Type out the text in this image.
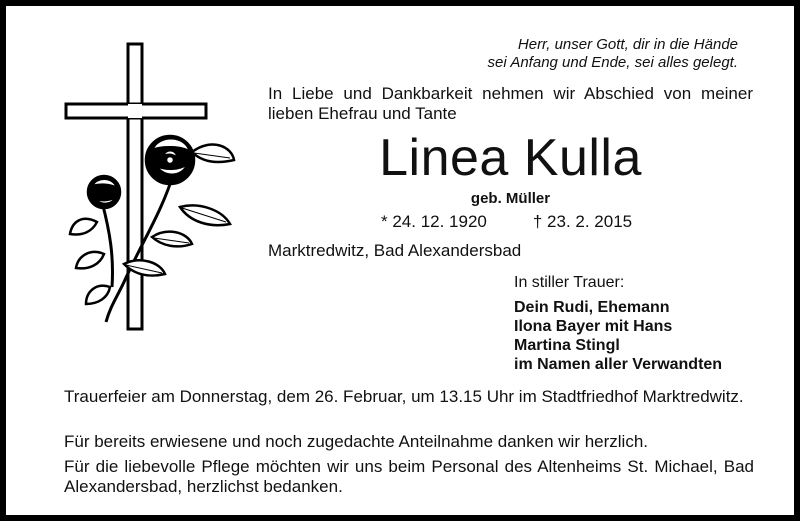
Herr, unser Gott, dir in die Hände
sei Anfang und Ende, sei alles gelegt.
In Liebe und Dankbarkeit nehmen wir Abschied von meiner lieben Ehefrau und Tante
Linea Kulla
geb. Müller
* 24. 12. 1920	† 23. 2. 2015
Marktredwitz, Bad Alexandersbad
In stiller Trauer:
Dein Rudi, Ehemann
Ilona Bayer mit Hans
Martina Stingl
im Namen aller Verwandten
Trauerfeier am Donnerstag, dem 26. Februar, um 13.15 Uhr im Stadtfriedhof Marktredwitz.
Für bereits erwiesene und noch zugedachte Anteilnahme danken wir herzlich.
Für die liebevolle Pflege möchten wir uns beim Personal des Altenheims St. Michael, Bad Alexandersbad, herzlichst bedanken.
